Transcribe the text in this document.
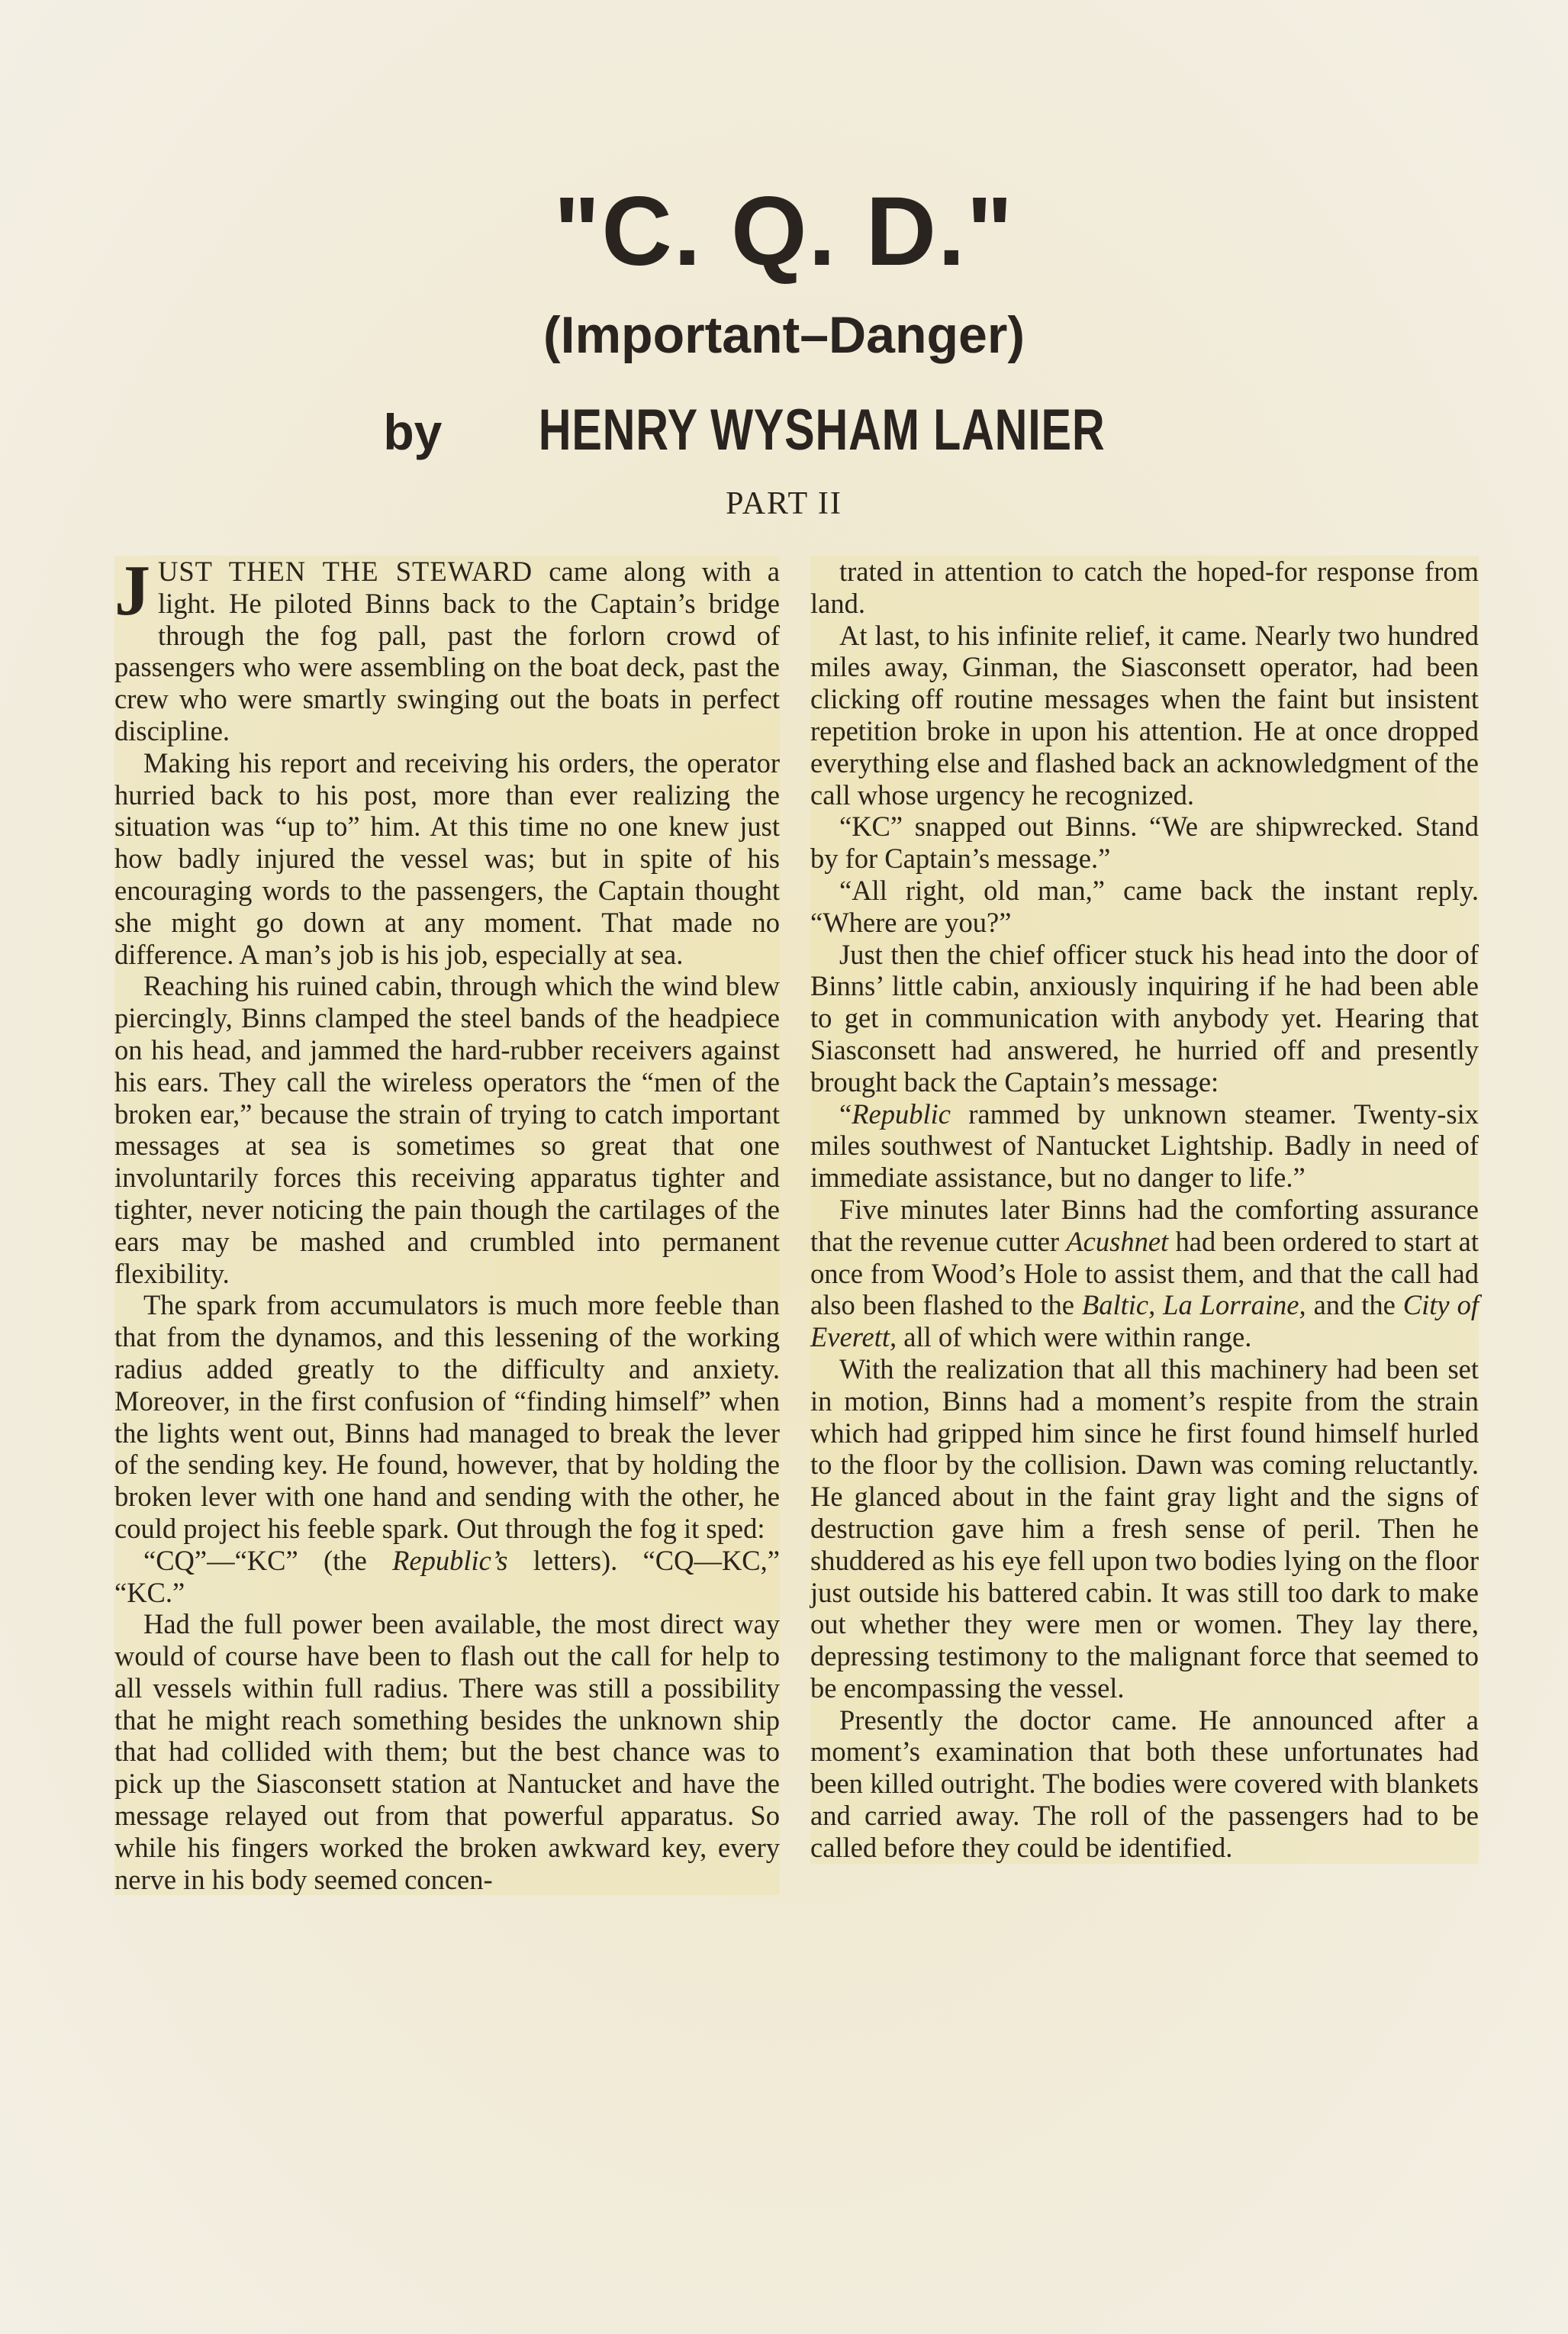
"C. Q. D."
(Important–Danger)
by HENRY WYSHAM LANIER
PART II

JUST THEN THE STEWARD came along with a light. He piloted Binns back to the Captain’s bridge through the fog pall, past the forlorn crowd of passengers who were assembling on the boat deck, past the crew who were smartly swinging out the boats in perfect discipline.

Making his report and receiving his orders, the operator hurried back to his post, more than ever realizing the situation was “up to” him. At this time no one knew just how badly injured the vessel was; but in spite of his encouraging words to the passengers, the Captain thought she might go down at any moment. That made no difference. A man’s job is his job, especially at sea.

Reaching his ruined cabin, through which the wind blew piercingly, Binns clamped the steel bands of the headpiece on his head, and jammed the hard-rubber receivers against his ears. They call the wireless operators the “men of the broken ear,” because the strain of trying to catch important messages at sea is sometimes so great that one involuntarily forces this receiving apparatus tighter and tighter, never noticing the pain though the cartilages of the ears may be mashed and crumbled into permanent flexibility.

The spark from accumulators is much more feeble than that from the dynamos, and this lessening of the working radius added greatly to the difficulty and anxiety. Moreover, in the first confusion of “finding himself” when the lights went out, Binns had managed to break the lever of the sending key. He found, however, that by holding the broken lever with one hand and sending with the other, he could project his feeble spark. Out through the fog it sped:

“CQ”—“KC” (the Republic’s letters). “CQ—KC,” “KC.”

Had the full power been available, the most direct way would of course have been to flash out the call for help to all vessels within full radius. There was still a possibility that he might reach something besides the unknown ship that had collided with them; but the best chance was to pick up the Siasconsett station at Nantucket and have the message relayed out from that powerful apparatus. So while his fingers worked the broken awkward key, every nerve in his body seemed concen-

trated in attention to catch the hoped-for response from land.

At last, to his infinite relief, it came. Nearly two hundred miles away, Ginman, the Siasconsett operator, had been clicking off routine messages when the faint but insistent repetition broke in upon his attention. He at once dropped everything else and flashed back an acknowledgment of the call whose urgency he recognized.

“KC” snapped out Binns. “We are shipwrecked. Stand by for Captain’s message.”

“All right, old man,” came back the instant reply. “Where are you?”

Just then the chief officer stuck his head into the door of Binns’ little cabin, anxiously inquiring if he had been able to get in communication with anybody yet. Hearing that Siasconsett had answered, he hurried off and presently brought back the Captain’s message:

“Republic rammed by unknown steamer. Twenty-six miles southwest of Nantucket Lightship. Badly in need of immediate assistance, but no danger to life.”

Five minutes later Binns had the comforting assurance that the revenue cutter Acushnet had been ordered to start at once from Wood’s Hole to assist them, and that the call had also been flashed to the Baltic, La Lorraine, and the City of Everett, all of which were within range.

With the realization that all this machinery had been set in motion, Binns had a moment’s respite from the strain which had gripped him since he first found himself hurled to the floor by the collision. Dawn was coming reluctantly. He glanced about in the faint gray light and the signs of destruction gave him a fresh sense of peril. Then he shuddered as his eye fell upon two bodies lying on the floor just outside his battered cabin. It was still too dark to make out whether they were men or women. They lay there, depressing testimony to the malignant force that seemed to be encompassing the vessel.

Presently the doctor came. He announced after a moment’s examination that both these unfortunates had been killed outright. The bodies were covered with blankets and carried away. The roll of the passengers had to be called before they could be identified.
